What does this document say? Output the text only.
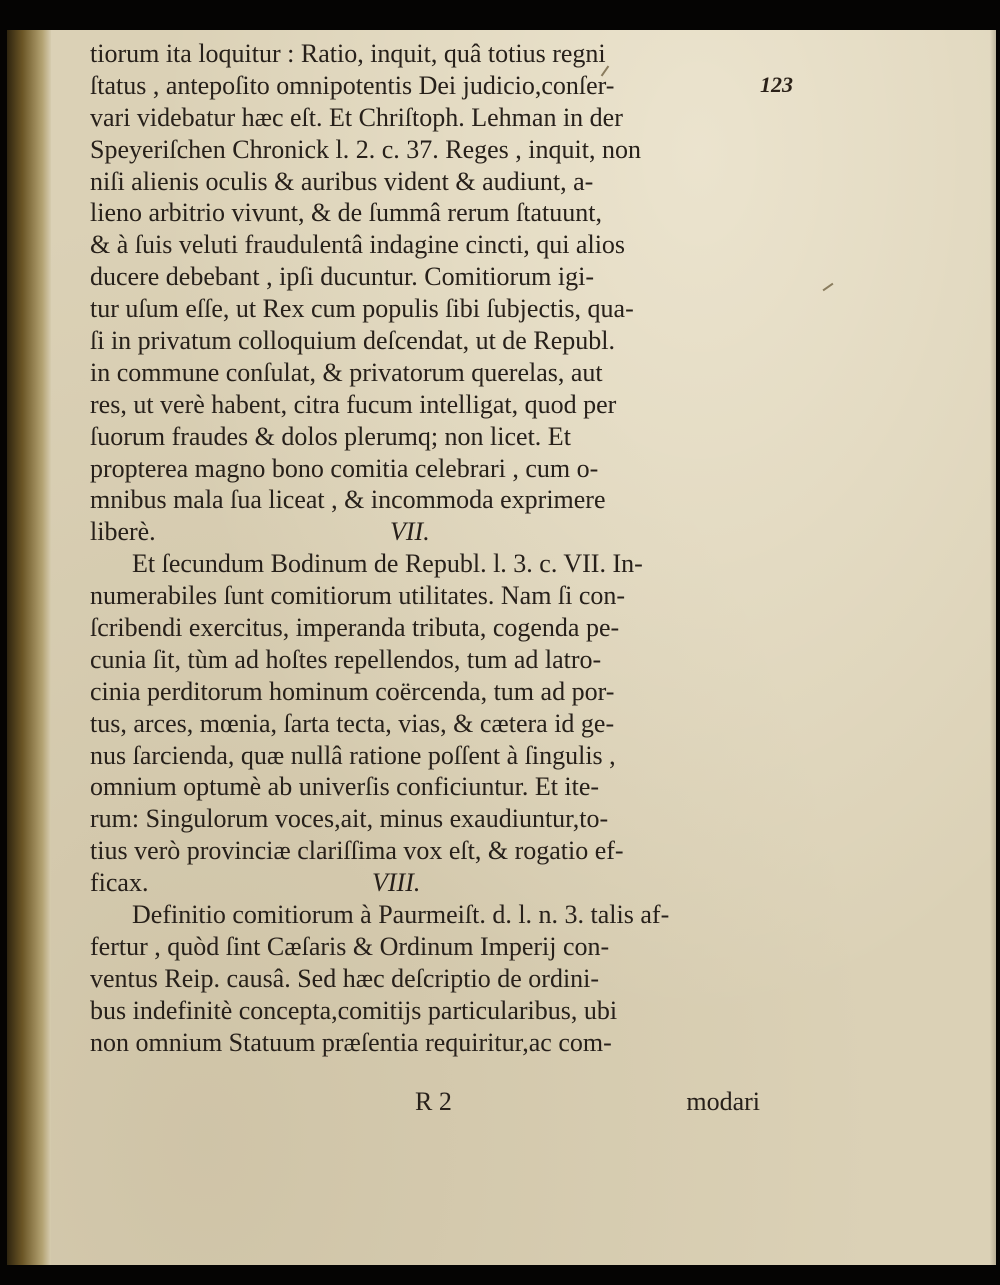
123
tiorum ita loquitur : Ratio, inquit, quâ totius regni
ſtatus , antepoſito omnipotentis Dei judicio,conſer-
vari videbatur hæc eſt. Et Chriſtoph. Lehman in der
Speyeriſchen Chronick l. 2. c. 37. Reges , inquit, non
niſi alienis oculis & auribus vident & audiunt, a-
lieno arbitrio vivunt, & de ſummâ rerum ſtatuunt,
& à ſuis veluti fraudulentâ indagine cincti, qui alios
ducere debebant , ipſi ducuntur. Comitiorum igi-
tur uſum eſſe, ut Rex cum populis ſibi ſubjectis, qua-
ſi in privatum colloquium deſcendat, ut de Republ.
in commune conſulat, & privatorum querelas, aut
res, ut verè habent, citra fucum intelligat, quod per
ſuorum fraudes & dolos plerumq; non licet. Et
propterea magno bono comitia celebrari , cum o-
mnibus mala ſua liceat , & incommoda exprimere
liberè.	VII.
Et ſecundum Bodinum de Republ. l. 3. c. VII. In-
numerabiles ſunt comitiorum utilitates. Nam ſi con-
ſcribendi exercitus, imperanda tributa, cogenda pe-
cunia ſit, tùm ad hoſtes repellendos, tum ad latro-
cinia perditorum hominum coërcenda, tum ad por-
tus, arces, mœnia, ſarta tecta, vias, & cætera id ge-
nus ſarcienda, quæ nullâ ratione poſſent à ſingulis ,
omnium optumè ab univerſis conficiuntur. Et ite-
rum: Singulorum voces,ait, minus exaudiuntur,to-
tius verò provinciæ clariſſima vox eſt, & rogatio ef-
ficax.	VIII.
Definitio comitiorum à Paurmeiſt. d. l. n. 3. talis af-
fertur , quòd ſint Cæſaris & Ordinum Imperij con-
ventus Reip. causâ. Sed hæc deſcriptio de ordini-
bus indefinitè concepta,comitijs particularibus, ubi
non omnium Statuum præſentia requiritur,ac com-
R 2	modari
